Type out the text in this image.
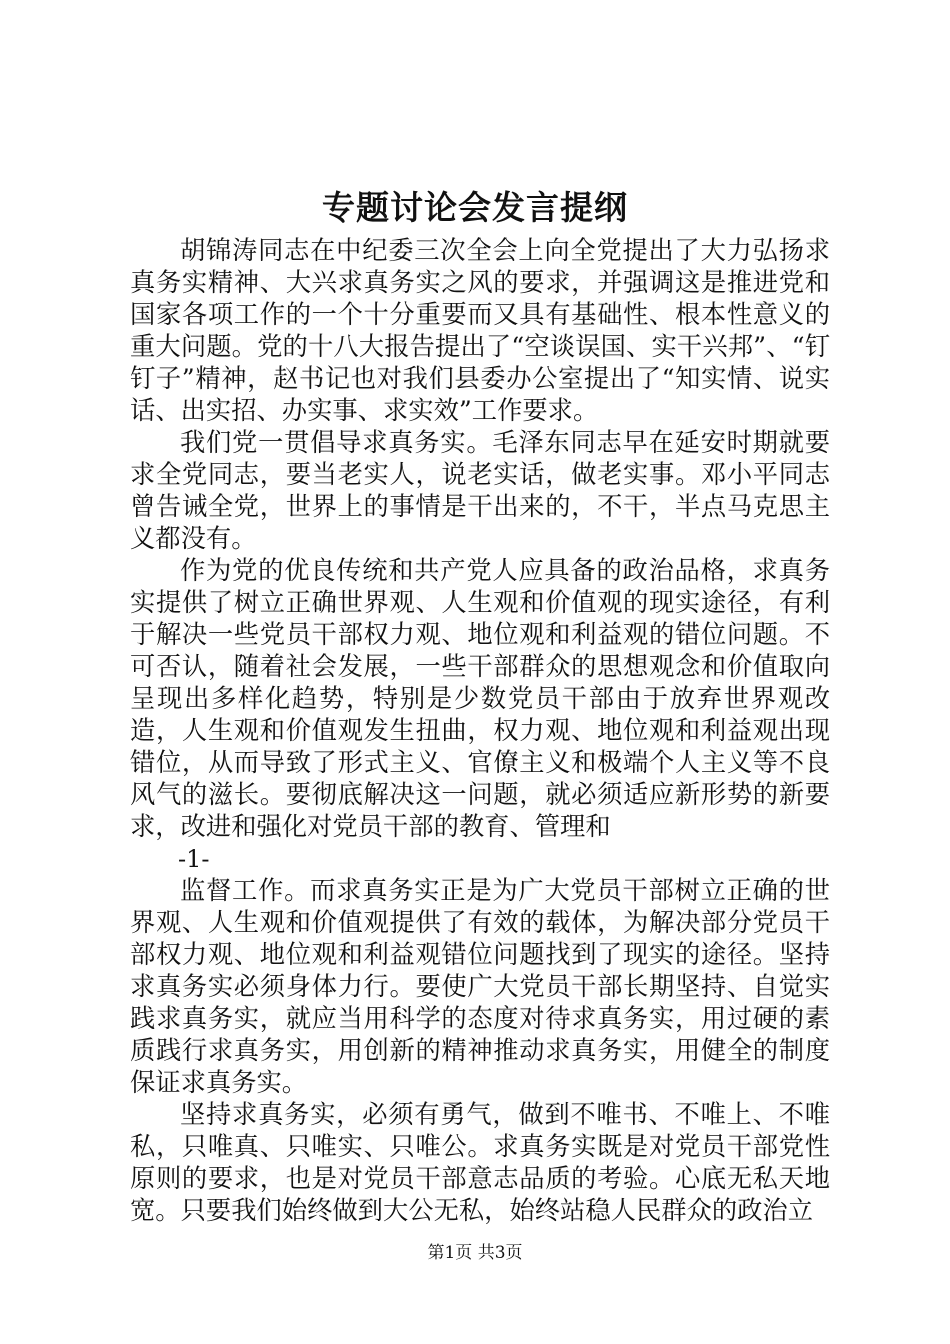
专题讨论会发言提纲

胡锦涛同志在中纪委三次全会上向全党提出了大力弘扬求真务实精神、大兴求真务实之风的要求，并强调这是推进党和国家各项工作的一个十分重要而又具有基础性、根本性意义的重大问题。党的十八大报告提出了“空谈误国、实干兴邦”、“钉钉子”精神，赵书记也对我们县委办公室提出了“知实情、说实话、出实招、办实事、求实效”工作要求。

我们党一贯倡导求真务实。毛泽东同志早在延安时期就要求全党同志，要当老实人，说老实话，做老实事。邓小平同志曾告诫全党，世界上的事情是干出来的，不干，半点马克思主义都没有。

作为党的优良传统和共产党人应具备的政治品格，求真务实提供了树立正确世界观、人生观和价值观的现实途径，有利于解决一些党员干部权力观、地位观和利益观的错位问题。不可否认，随着社会发展，一些干部群众的思想观念和价值取向呈现出多样化趋势，特别是少数党员干部由于放弃世界观改造，人生观和价值观发生扭曲，权力观、地位观和利益观出现错位，从而导致了形式主义、官僚主义和极端个人主义等不良风气的滋长。要彻底解决这一问题，就必须适应新形势的新要求，改进和强化对党员干部的教育、管理和

-1-

监督工作。而求真务实正是为广大党员干部树立正确的世界观、人生观和价值观提供了有效的载体，为解决部分党员干部权力观、地位观和利益观错位问题找到了现实的途径。坚持求真务实必须身体力行。要使广大党员干部长期坚持、自觉实践求真务实，就应当用科学的态度对待求真务实，用过硬的素质践行求真务实，用创新的精神推动求真务实，用健全的制度保证求真务实。

坚持求真务实，必须有勇气，做到不唯书、不唯上、不唯私，只唯真、只唯实、只唯公。求真务实既是对党员干部党性原则的要求，也是对党员干部意志品质的考验。心底无私天地宽。只要我们始终做到大公无私，始终站稳人民群众的政治立

第1页 共3页
